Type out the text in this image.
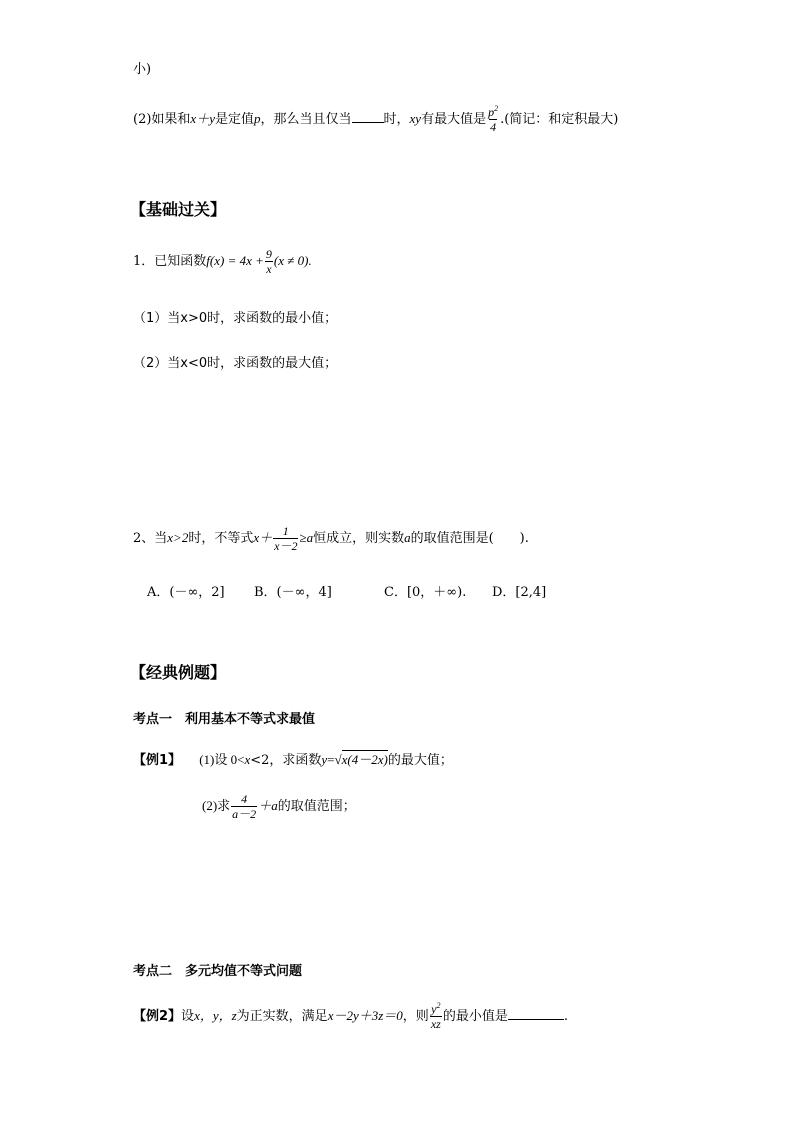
小)
(2)如果和x＋y是定值p，那么当且仅当 时，xy有最大值是 $\frac{p^2}{4}$ .(简记：和定积最大)
【基础过关】
1．已知函数$f(x) = 4x + \frac{9}{x} (x \ne 0)$.
（1）当x>0时，求函数的最小值；
（2）当x<0时，求函数的最大值；
2、当x>2时，不等式$x+ \frac{1}{x-2} \ge a$恒成立，则实数a的取值范围是(　　).
A．(－∞，2] B．(－∞，4]	C．[0，＋∞). D．[2,4]
【经典例题】
考点一　利用基本不等式求最值
【例1】 (1)设 0<x<2，求函数y=√x(4－2x)的最大值；
(2)求 $\frac{4}{a-2} +a$的取值范围；
考点二　多元均值不等式问题
【例2】设x，y，z为正实数，满足x－2y＋3z＝0，则 $\frac{y^2}{xz}$ 的最小值是	.
